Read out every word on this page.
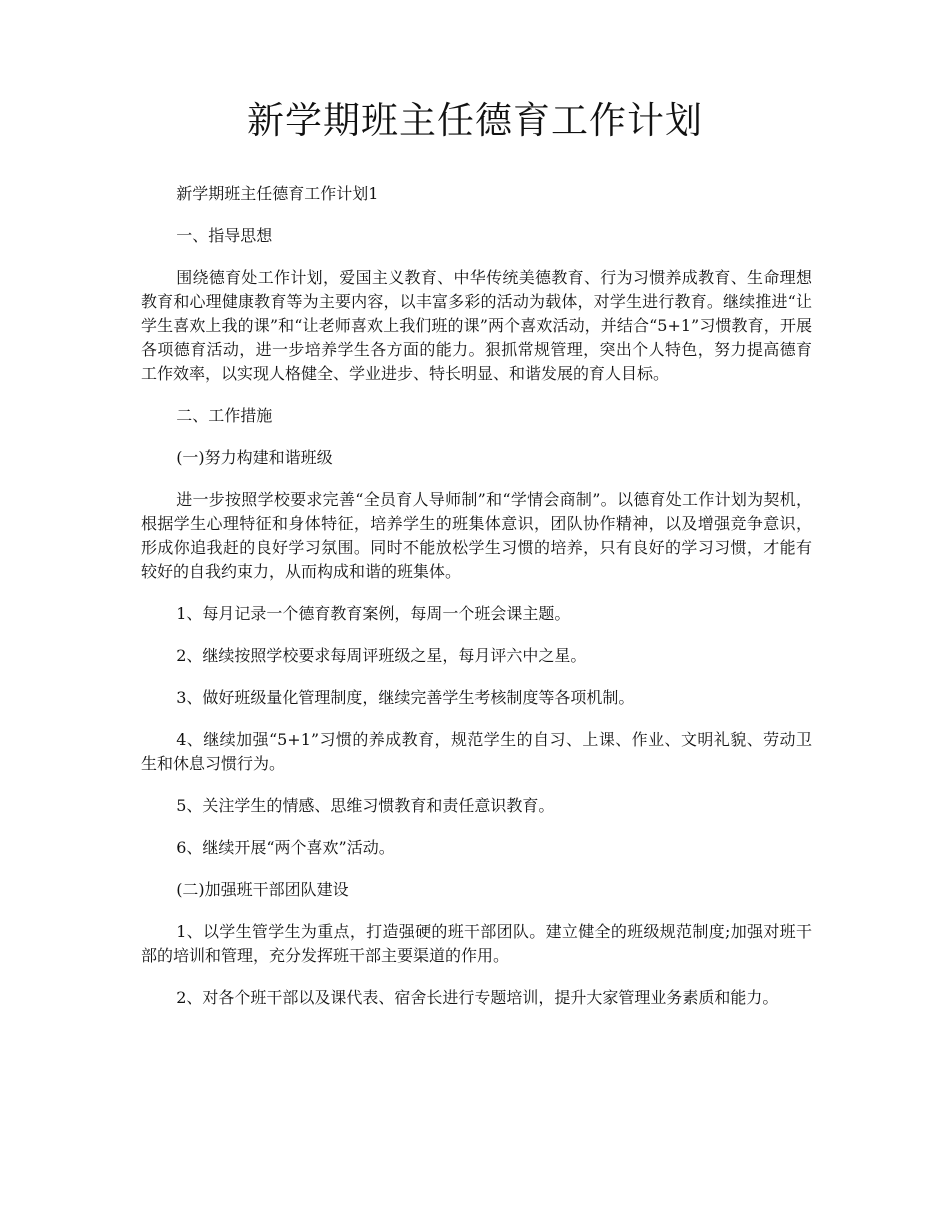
新学期班主任德育工作计划

新学期班主任德育工作计划1

一、指导思想

围绕德育处工作计划，爱国主义教育、中华传统美德教育、行为习惯养成教育、生命理想教育和心理健康教育等为主要内容，以丰富多彩的活动为载体，对学生进行教育。继续推进“让学生喜欢上我的课”和“让老师喜欢上我们班的课”两个喜欢活动，并结合“5+1”习惯教育，开展各项德育活动，进一步培养学生各方面的能力。狠抓常规管理，突出个人特色，努力提高德育工作效率，以实现人格健全、学业进步、特长明显、和谐发展的育人目标。

二、工作措施

(一)努力构建和谐班级

进一步按照学校要求完善“全员育人导师制”和“学情会商制”。以德育处工作计划为契机，根据学生心理特征和身体特征，培养学生的班集体意识，团队协作精神，以及增强竞争意识，形成你追我赶的良好学习氛围。同时不能放松学生习惯的培养，只有良好的学习习惯，才能有较好的自我约束力，从而构成和谐的班集体。

1、每月记录一个德育教育案例，每周一个班会课主题。

2、继续按照学校要求每周评班级之星，每月评六中之星。

3、做好班级量化管理制度，继续完善学生考核制度等各项机制。

4、继续加强“5+1”习惯的养成教育，规范学生的自习、上课、作业、文明礼貌、劳动卫生和休息习惯行为。

5、关注学生的情感、思维习惯教育和责任意识教育。

6、继续开展“两个喜欢”活动。

(二)加强班干部团队建设

1、以学生管学生为重点，打造强硬的班干部团队。建立健全的班级规范制度;加强对班干部的培训和管理，充分发挥班干部主要渠道的作用。

2、对各个班干部以及课代表、宿舍长进行专题培训，提升大家管理业务素质和能力。
